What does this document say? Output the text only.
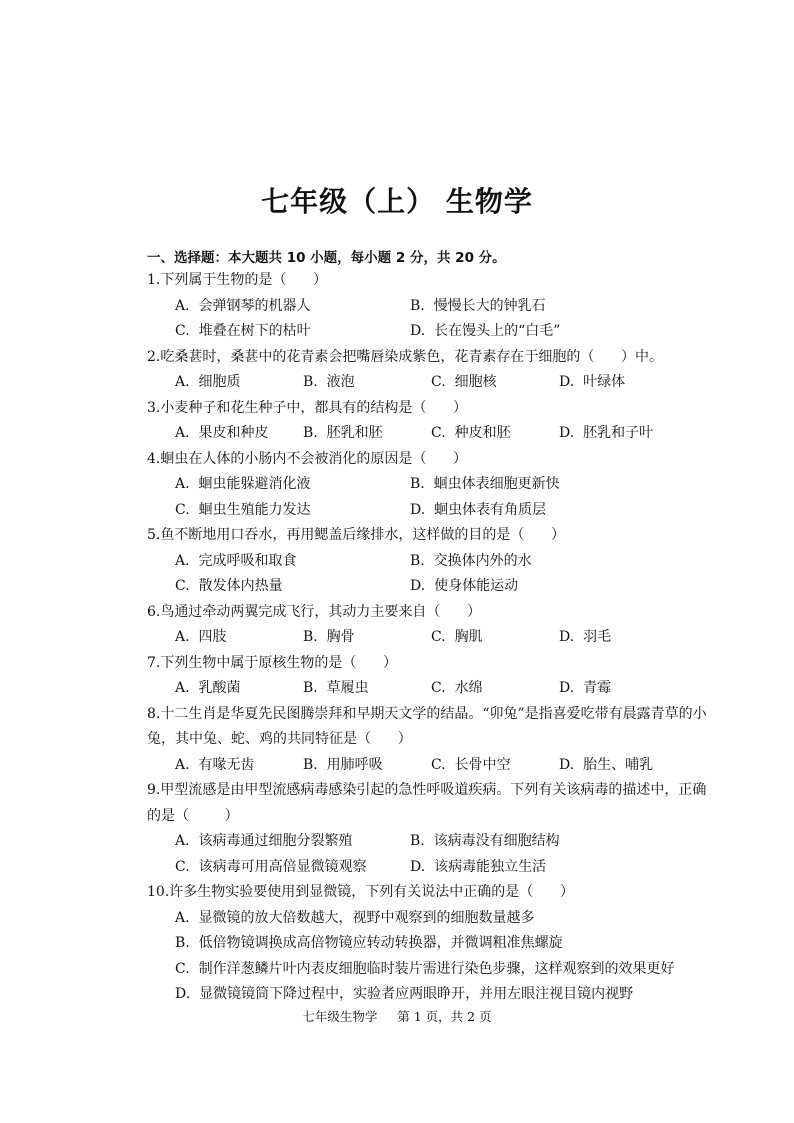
七年级（上） 生物学
一、选择题：本大题共 10 小题，每小题 2 分，共 20 分。
1.下列属于生物的是（      ）
A.  会弹钢琴的机器人	B.  慢慢长大的钟乳石
C.  堆叠在树下的枯叶	D.  长在馒头上的“白毛”
2.吃桑葚时，桑葚中的花青素会把嘴唇染成紫色，花青素存在于细胞的（      ）中。
A.  细胞质	B.  液泡	C.  细胞核	D.  叶绿体
3.小麦种子和花生种子中，都具有的结构是（      ）
A.  果皮和种皮	B.  胚乳和胚	C.  种皮和胚	D.  胚乳和子叶
4.蛔虫在人体的小肠内不会被消化的原因是（      ）
A.  蛔虫能躲避消化液	B.  蛔虫体表细胞更新快
C.  蛔虫生殖能力发达	D.  蛔虫体表有角质层
5.鱼不断地用口吞水，再用鳃盖后缘排水，这样做的目的是（      ）
A.  完成呼吸和取食	B.  交换体内外的水
C.  散发体内热量	D.  使身体能运动
6.鸟通过牵动两翼完成飞行，其动力主要来自（      ）
A.  四肢	B.  胸骨	C.  胸肌	D.  羽毛
7.下列生物中属于原核生物的是（      ）
A.  乳酸菌	B.  草履虫	C.  水绵	D.  青霉
8.十二生肖是华夏先民图腾崇拜和早期天文学的结晶。“卯兔”是指喜爱吃带有晨露青草的小兔，其中兔、蛇、鸡的共同特征是（      ）
A.  有喙无齿	B.  用肺呼吸	C.  长骨中空	D.  胎生、哺乳
9.甲型流感是由甲型流感病毒感染引起的急性呼吸道疾病。下列有关该病毒的描述中，正确的是（        ）
A.  该病毒通过细胞分裂繁殖	B.  该病毒没有细胞结构
C.  该病毒可用高倍显微镜观察	D.  该病毒能独立生活
10.许多生物实验要使用到显微镜，下列有关说法中正确的是（      ）
A.  显微镜的放大倍数越大，视野中观察到的细胞数量越多
B.  低倍物镜调换成高倍物镜应转动转换器，并微调粗准焦螺旋
C.  制作洋葱鳞片叶内表皮细胞临时装片需进行染色步骤，这样观察到的效果更好
D.  显微镜镜筒下降过程中，实验者应两眼睁开，并用左眼注视目镜内视野
七年级生物学     第 1 页，共 2 页
